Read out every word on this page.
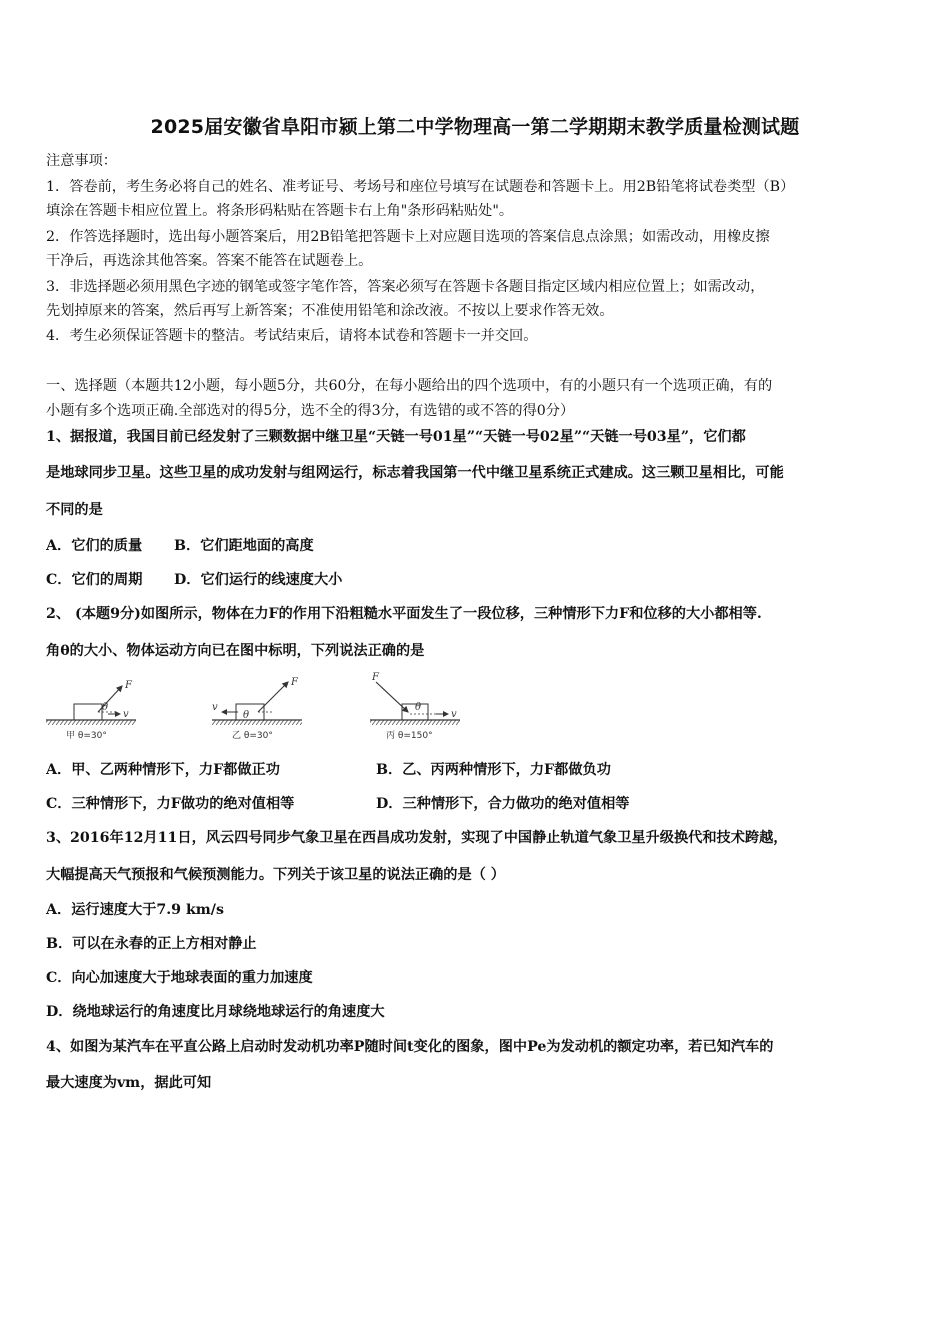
2025届安徽省阜阳市颍上第二中学物理高一第二学期期末教学质量检测试题
注意事项：
1．答卷前，考生务必将自己的姓名、准考证号、考场号和座位号填写在试题卷和答题卡上。用2B铅笔将试卷类型（B）
填涂在答题卡相应位置上。将条形码粘贴在答题卡右上角"条形码粘贴处"。
2．作答选择题时，选出每小题答案后，用2B铅笔把答题卡上对应题目选项的答案信息点涂黑；如需改动，用橡皮擦
干净后，再选涂其他答案。答案不能答在试题卷上。
3．非选择题必须用黑色字迹的钢笔或签字笔作答，答案必须写在答题卡各题目指定区域内相应位置上；如需改动，
先划掉原来的答案，然后再写上新答案；不准使用铅笔和涂改液。不按以上要求作答无效。
4．考生必须保证答题卡的整洁。考试结束后，请将本试卷和答题卡一并交回。
一、选择题（本题共12小题，每小题5分，共60分，在每小题给出的四个选项中，有的小题只有一个选项正确，有的
小题有多个选项正确.全部选对的得5分，选不全的得3分，有选错的或不答的得0分）
1、据报道，我国目前已经发射了三颗数据中继卫星“天链一号01星”“天链一号02星”“天链一号03星”，它们都
是地球同步卫星。这些卫星的成功发射与组网运行，标志着我国第一代中继卫星系统正式建成。这三颗卫星相比，可能
不同的是
A．它们的质量 B．它们距地面的高度
C．它们的周期 D．它们运行的线速度大小
2、 (本题9分)如图所示，物体在力F的作用下沿粗糙水平面发生了一段位移，三种情形下力F和位移的大小都相等.
角θ的大小、物体运动方向已在图中标明，下列说法正确的是
F
θ
v
甲 θ=30°
F
θ
v
乙 θ=30°
F
θ
v
丙 θ=150°
A．甲、乙两种情形下，力F都做正功	B．乙、丙两种情形下，力F都做负功
C．三种情形下，力F做功的绝对值相等	D．三种情形下，合力做功的绝对值相等
3、2016年12月11日，风云四号同步气象卫星在西昌成功发射，实现了中国静止轨道气象卫星升级换代和技术跨越，
大幅提高天气预报和气候预测能力。下列关于该卫星的说法正确的是（ ）
A．运行速度大于7.9 km/s
B．可以在永春的正上方相对静止
C．向心加速度大于地球表面的重力加速度
D．绕地球运行的角速度比月球绕地球运行的角速度大
4、如图为某汽车在平直公路上启动时发动机功率P随时间t变化的图象，图中Pe为发动机的额定功率，若已知汽车的
最大速度为vm，据此可知
